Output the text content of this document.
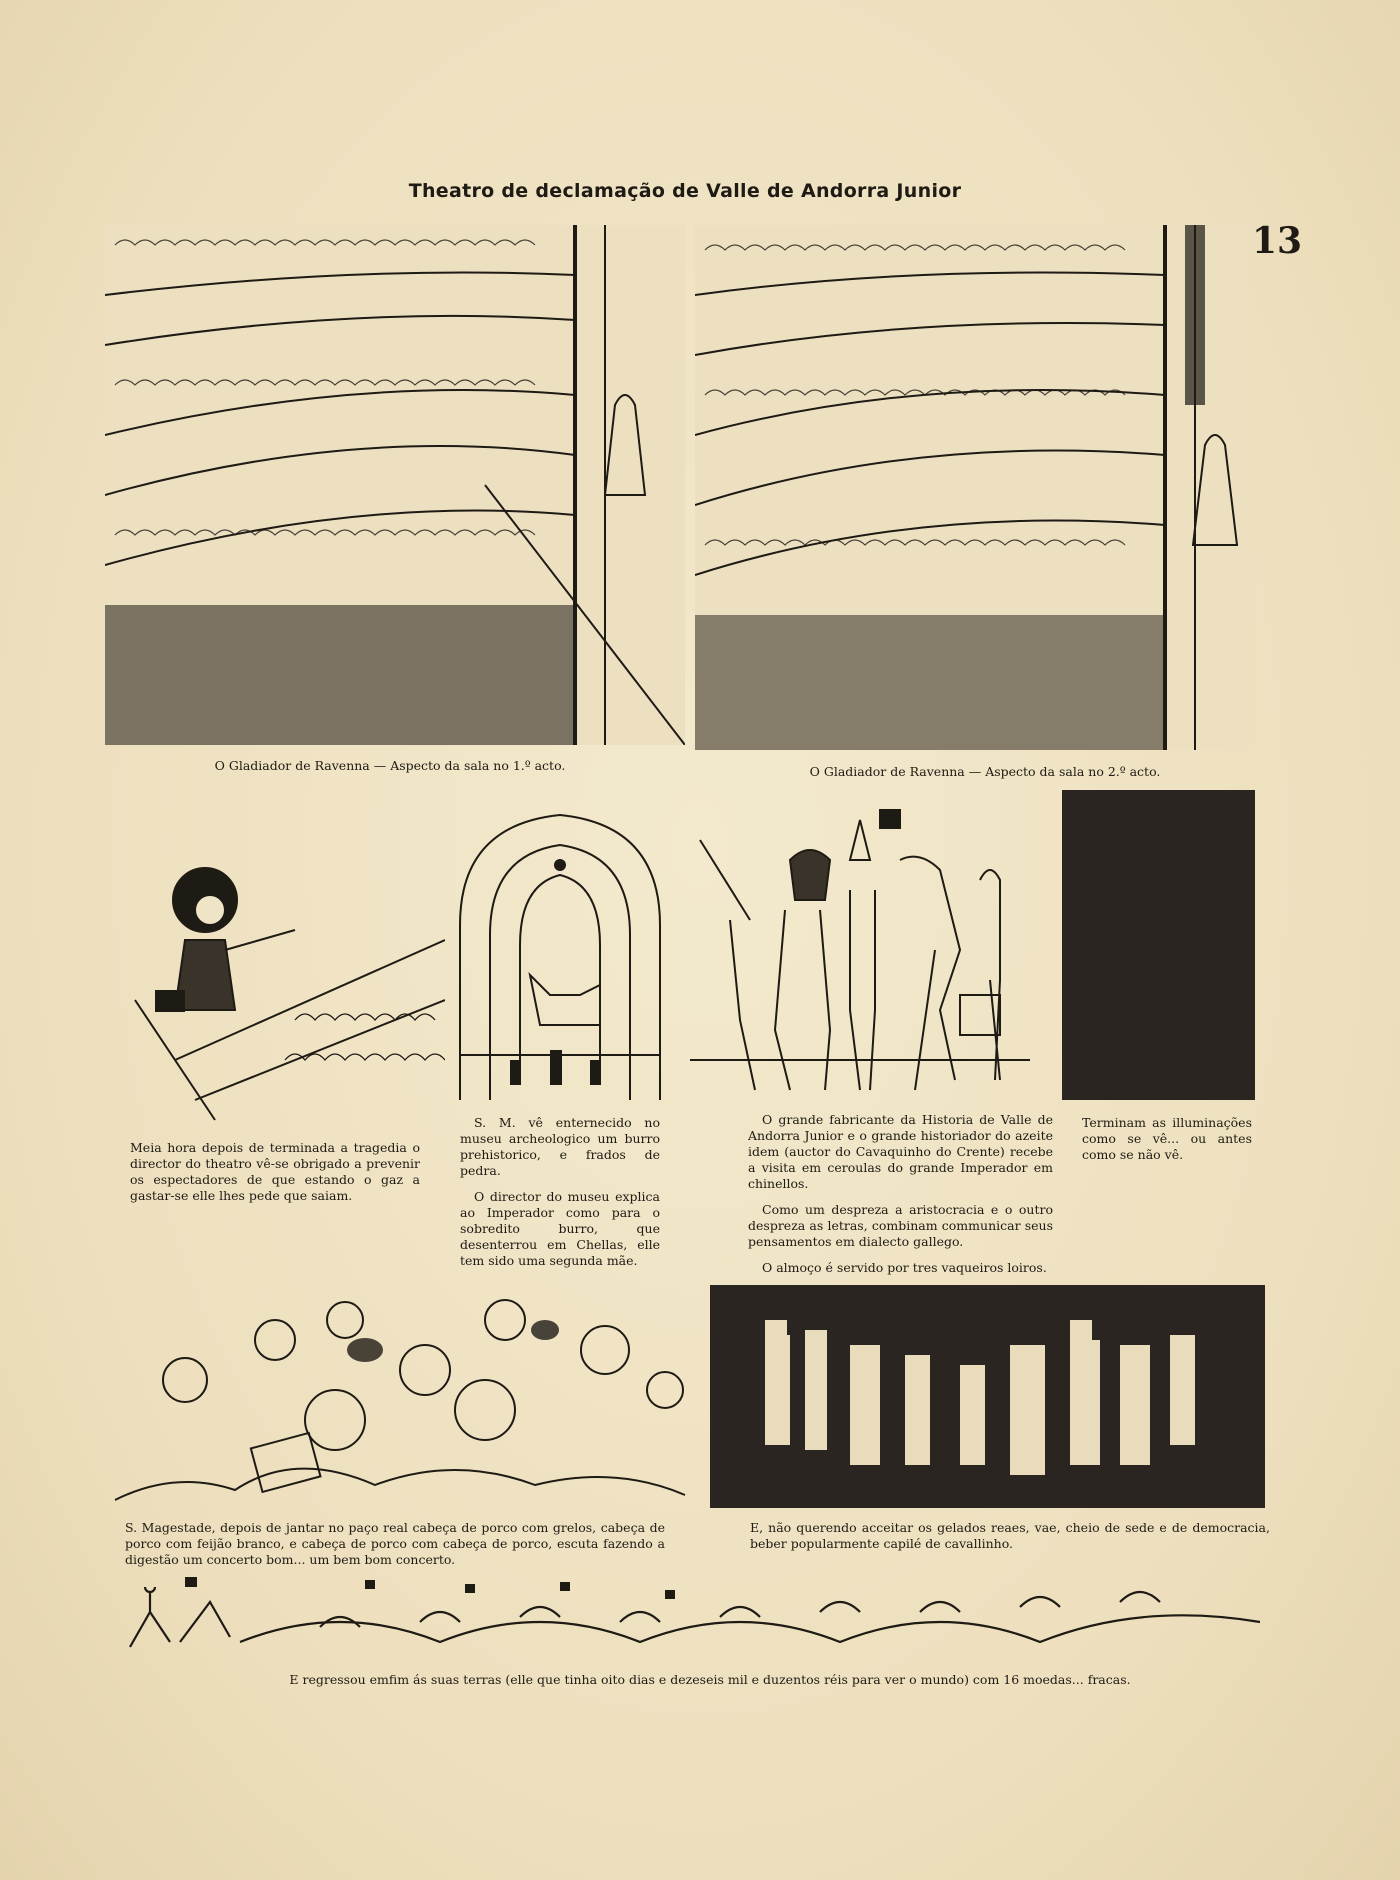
Theatro de declamação de Valle de Andorra Junior
13
O Gladiador de Ravenna — Aspecto da sala no 1.º acto.	O Gladiador de Ravenna — Aspecto da sala no 2.º acto.
Meia hora depois de terminada a tragedia o director do theatro vê-se obrigado a prevenir os espectadores de que estando o gaz a gastar-se elle lhes pede que saiam.

S. M. vê enternecido no museu archeologico um burro prehistorico, e frados de pedra.

O director do museu explica ao Imperador como para o sobredito burro, que desenterrou em Chellas, elle tem sido uma segunda mãe.

O grande fabricante da Historia de Valle de Andorra Junior e o grande historiador do azeite idem (auctor do Cavaquinho do Crente) recebe a visita em ceroulas do grande Imperador em chinellos.

Como um despreza a aristocracia e o outro despreza as letras, combinam communicar seus pensamentos em dialecto gallego.

O almoço é servido por tres vaqueiros loiros.

Terminam as illuminações como se vê... ou antes como se não vê.
S. Magestade, depois de jantar no paço real cabeça de porco com grelos, cabeça de porco com feijão branco, e cabeça de porco com cabeça de porco, escuta fazendo a digestão um concerto bom... um bem bom concerto.
E, não querendo acceitar os gelados reaes, vae, cheio de sede e de democracia, beber popularmente capilé de cavallinho.
E regressou emfim ás suas terras (elle que tinha oito dias e dezeseis mil e duzentos réis para ver o mundo) com 16 moedas... fracas.
